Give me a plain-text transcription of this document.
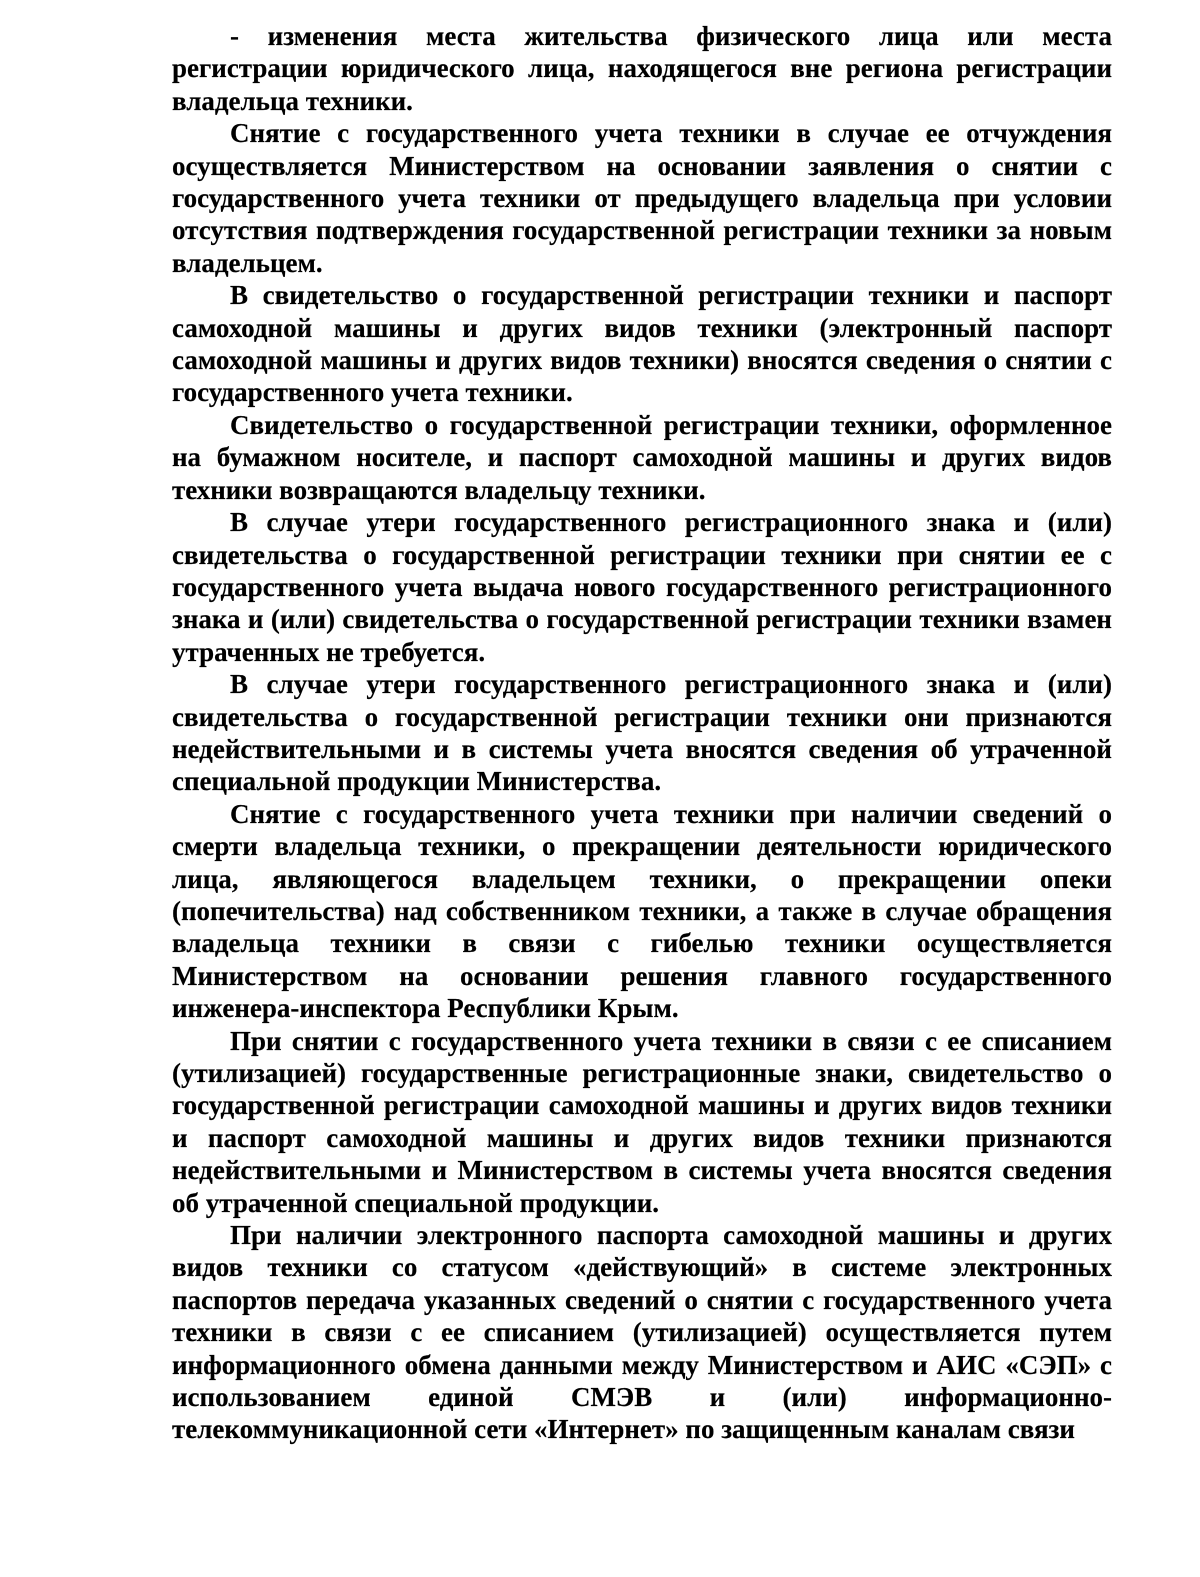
- изменения места жительства физического лица или места регистрации юридического лица, находящегося вне региона регистрации владельца техники.

Снятие с государственного учета техники в случае ее отчуждения осуществляется Министерством на основании заявления о снятии с государственного учета техники от предыдущего владельца при условии отсутствия подтверждения государственной регистрации техники за новым владельцем.

В свидетельство о государственной регистрации техники и паспорт самоходной машины и других видов техники (электронный паспорт самоходной машины и других видов техники) вносятся сведения о снятии с государственного учета техники.

Свидетельство о государственной регистрации техники, оформленное на бумажном носителе, и паспорт самоходной машины и других видов техники возвращаются владельцу техники.

В случае утери государственного регистрационного знака и (или) свидетельства о государственной регистрации техники при снятии ее с государственного учета выдача нового государственного регистрационного знака и (или) свидетельства о государственной регистрации техники взамен утраченных не требуется.

В случае утери государственного регистрационного знака и (или) свидетельства о государственной регистрации техники они признаются недействительными и в системы учета вносятся сведения об утраченной специальной продукции Министерства.

Снятие с государственного учета техники при наличии сведений о смерти владельца техники, о прекращении деятельности юридического лица, являющегося владельцем техники, о прекращении опеки (попечительства) над собственником техники, а также в случае обращения владельца техники в связи с гибелью техники осуществляется Министерством на основании решения главного государственного инженера-инспектора Республики Крым.

При снятии с государственного учета техники в связи с ее списанием (утилизацией) государственные регистрационные знаки, свидетельство о государственной регистрации самоходной машины и других видов техники и паспорт самоходной машины и других видов техники признаются недействительными и Министерством в системы учета вносятся сведения об утраченной специальной продукции.

При наличии электронного паспорта самоходной машины и других видов техники со статусом «действующий» в системе электронных паспортов передача указанных сведений о снятии с государственного учета техники в связи с ее списанием (утилизацией) осуществляется путем информационного обмена данными между Министерством и АИС «СЭП» с использованием единой СМЭВ и (или) информационно-телекоммуникационной сети «Интернет» по защищенным каналам связи
